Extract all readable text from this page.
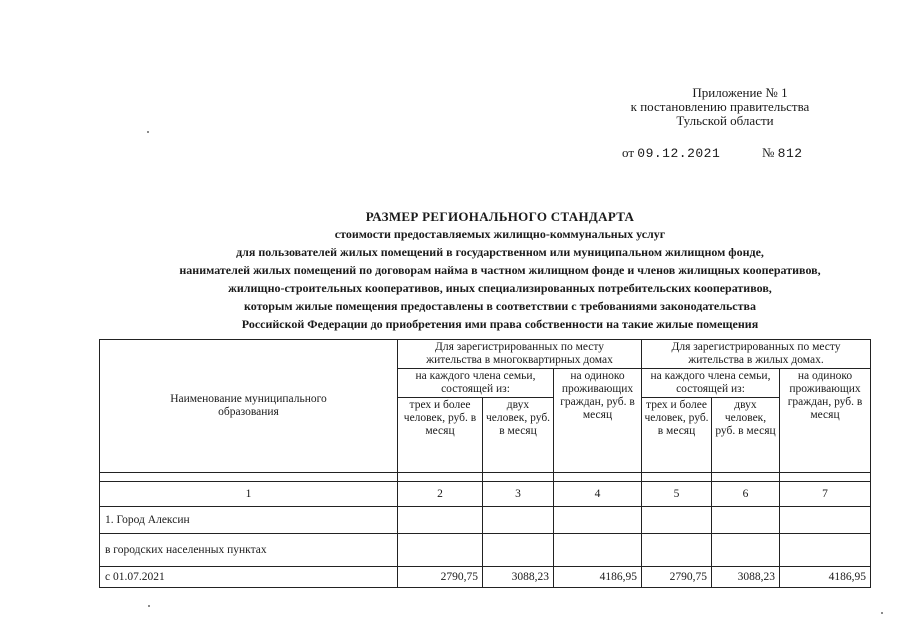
Приложение № 1
к постановлению правительства
Тульской области
от 09.12.2021	№ 812
РАЗМЕР РЕГИОНАЛЬНОГО СТАНДАРТА
стоимости предоставляемых жилищно-коммунальных услуг
для пользователей жилых помещений в государственном или муниципальном жилищном фонде,
нанимателей жилых помещений по договорам найма в частном жилищном фонде и членов жилищных кооперативов,
жилищно-строительных кооперативов, иных специализированных потребительских кооперативов,
которым жилые помещения предоставлены в соответствии с требованиями законодательства
Российской Федерации до приобретения ими права собственности на такие жилые помещения
Наименование муниципального образования	Для зарегистрированных по месту жительства в многоквартирных домах			Для зарегистрированных по месту жительства в жилых домах.		

	на каждого члена семьи, состоящей из:		на одиноко проживающих граждан, руб. в месяц	на каждого члена семьи, состоящей из:		на одиноко проживающих граждан, руб. в месяц
	трех и более человек, руб. в месяц	двух человек, руб. в месяц		трех и более человек, руб. в месяц	двух человек, руб. в месяц	

1	2	3	4	5	6	7
1. Город Алексин						
в городских населенных пунктах						
с 01.07.2021	2790,75	3088,23	4186,95	2790,75	3088,23	4186,95
